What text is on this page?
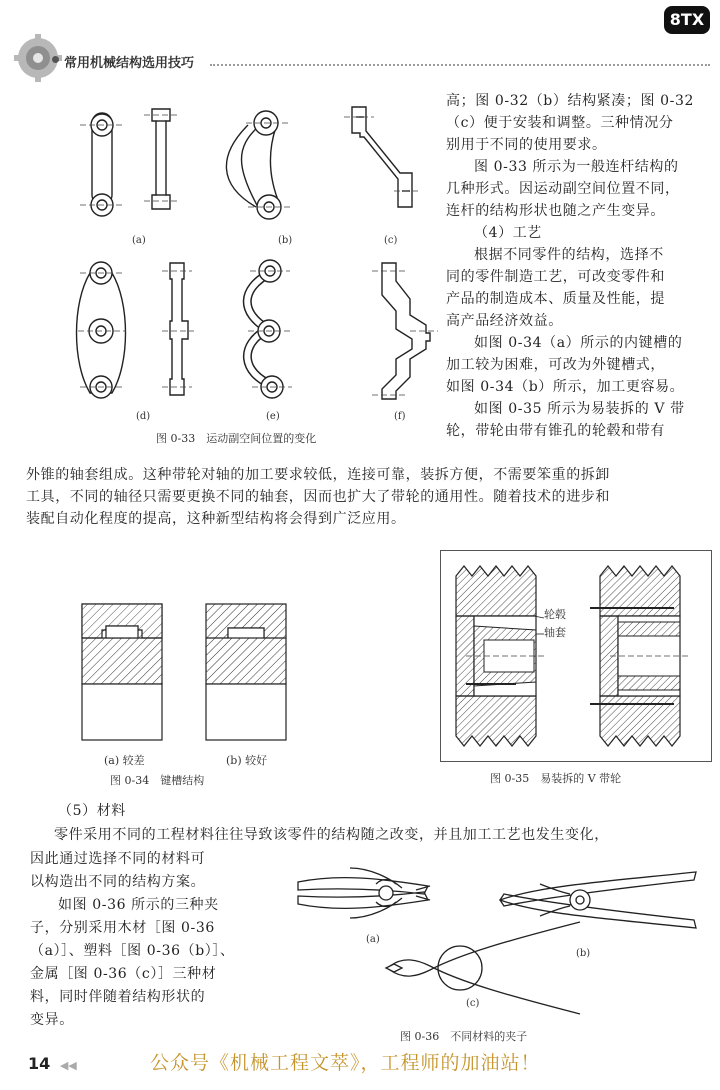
常用机械结构选用技巧
8TX

高；图 0-32（b）结构紧凑；图 0-32

（c）便于安装和调整。三种情况分

别用于不同的使用要求。

图 0-33 所示为一般连杆结构的

几种形式。因运动副空间位置不同，

连杆的结构形状也随之产生变异。

（4）工艺

根据不同零件的结构，选择不

同的零件制造工艺，可改变零件和

产品的制造成本、质量及性能，提

高产品经济效益。

如图 0-34（a）所示的内键槽的

加工较为困难，可改为外键槽式，

如图 0-34（b）所示，加工更容易。

如图 0-35 所示为易装拆的 V 带

轮，带轮由带有锥孔的轮毂和带有

(a)	(b)	(c)
(d)	(e)	(f)
图 0-33　运动副空间位置的变化

外锥的轴套组成。这种带轮对轴的加工要求较低，连接可靠，装拆方便，不需要笨重的拆卸

工具，不同的轴径只需要更换不同的轴套，因而也扩大了带轮的通用性。随着技术的进步和

装配自动化程度的提高，这种新型结构将会得到广泛应用。

(a) 较差	(b) 较好
图 0-34　键槽结构
轮毂
轴套
图 0-35　易装拆的 V 带轮
（5）材料
零件采用不同的工程材料往往导致该零件的结构随之改变，并且加工工艺也发生变化，

因此通过选择不同的材料可

以构造出不同的结构方案。

如图 0-36 所示的三种夹

子，分别采用木材［图 0-36

（a）］、塑料［图 0-36（b）］、

金属［图 0-36（c）］三种材

料，同时伴随着结构形状的

变异。

(a)
(b)
(c)
图 0-36　不同材料的夹子
14 ◀◀	公众号《机械工程文萃》，工程师的加油站！
